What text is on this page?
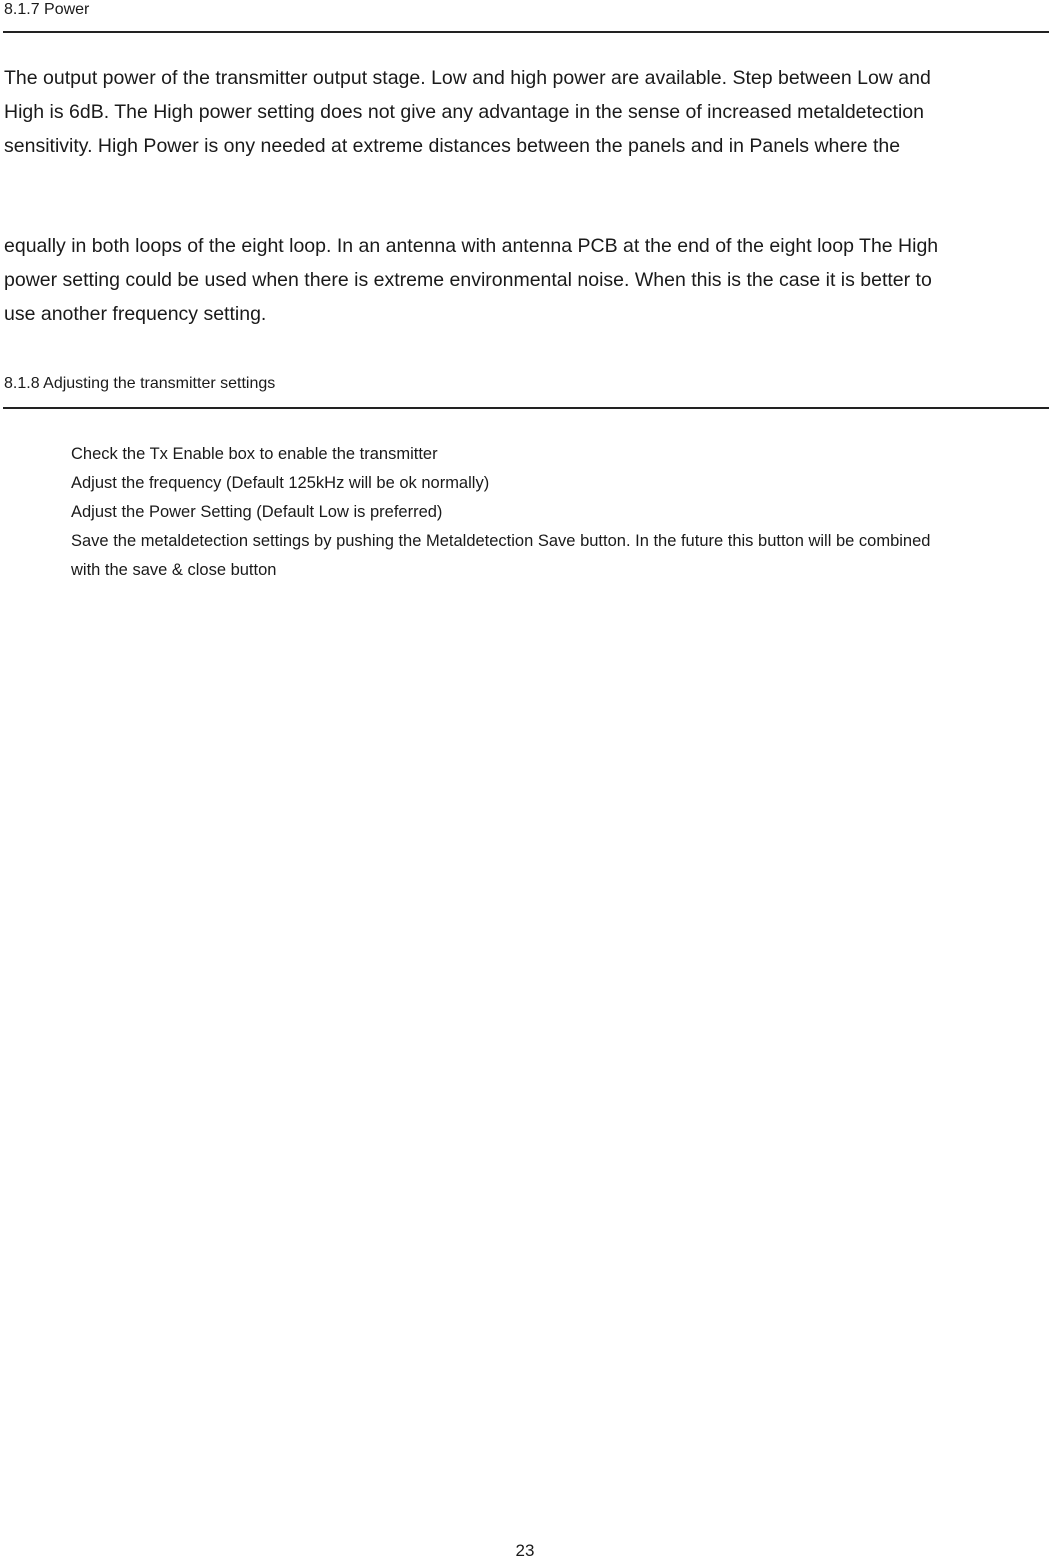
8.1.7 Power
The output power of the transmitter output stage. Low and high power are available. Step between Low and
High is 6dB. The High power setting does not give any advantage in the sense of increased metaldetection
sensitivity. High Power is ony needed at extreme distances between the panels and in Panels where the
equally in both loops of the eight loop. In an antenna with antenna PCB at the end of the eight loop The High
power setting could be used when there is extreme environmental noise. When this is the case it is better to
use another frequency setting.
8.1.8 Adjusting the transmitter settings
Check the Tx Enable box to enable the transmitter
Adjust the frequency (Default 125kHz will be ok normally)
Adjust the Power Setting (Default Low is preferred)
Save the metaldetection settings by pushing the Metaldetection Save button. In the future this button will be combined
with the save & close button
23
